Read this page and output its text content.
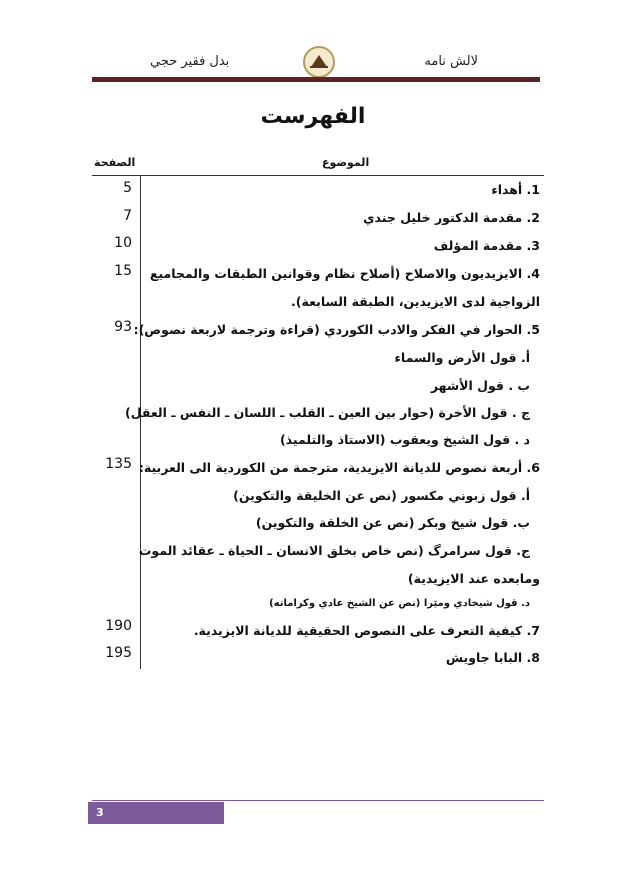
بدل فقير حجي	لالش نامه
الفهرست
الصفحة	الموضوع
5	1. أهداء
7	2. مقدمة الدكتور خليل جندي
10	3. مقدمة المؤلف
15 4. الايزيديون والاصلاح (أصلاح نظام وقوانين الطبقات والمجاميع
الزواجية لدى الايزيدين، الطبقة السابعة).
93 5. الحوار في الفكر والادب الكوردي (قراءة وترجمة لاربعة نصوص):
أ. قول الأرض والسماء
ب . قول الأشهر
ج . قول الأخرة (حوار بين العين ـ القلب ـ اللسان ـ النفس ـ العقل)
د . قول الشيخ ويعقوب (الاستاذ والتلميذ)
135 6. أربعة نصوص للديانة الايزيدية، مترجمة من الكوردية الى العربية:
أ. قول زبوني مكسور (نص عن الخليقة والتكوين)
ب. قول شيخ وبكر (نص عن الخلقة والتكوين)
ج. قول سرامرگ (نص خاص بخلق الانسان ـ الحياة ـ عقائد الموت
ومابعده عند الايزيدية)
د. قول شيخادي ومێرا (نص عن الشيخ عادي وكراماته)
190	7. كيفية التعرف على النصوص الحقيقية للديانة الايزيدية.
195	8. البابا جاويش
3
